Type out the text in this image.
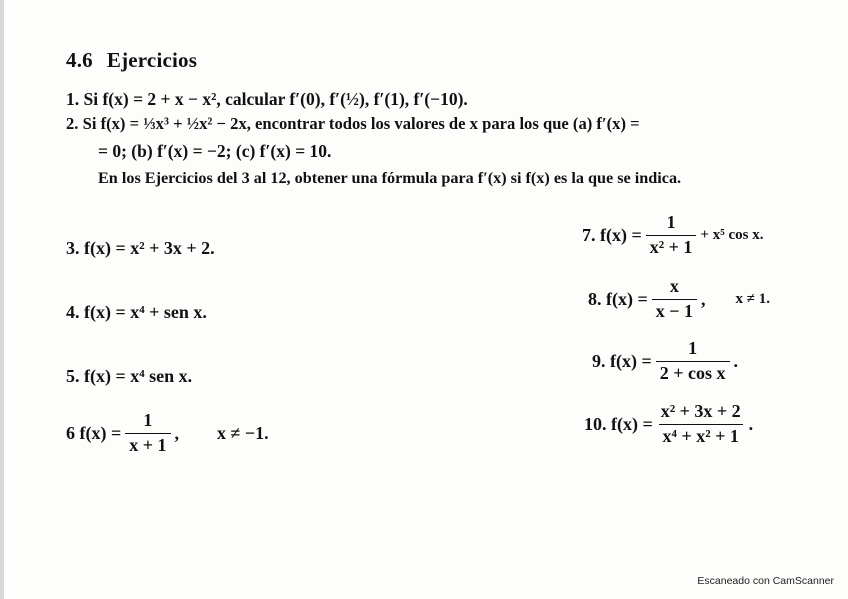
4.6 Ejercicios
1. Si f(x) = 2 + x − x², calcular f′(0), f′(½), f′(1), f′(−10).
2. Si f(x) = ⅓x³ + ½x² − 2x, encontrar todos los valores de x para los que (a) f′(x) =
= 0; (b) f′(x) = −2; (c) f′(x) = 10.
En los Ejercicios del 3 al 12, obtener una fórmula para f′(x) si f(x) es la que se indica.
3. f(x) = x² + 3x + 2.
4. f(x) = x⁴ + sen x.
5. f(x) = x⁴ sen x.
6 $f(x) = \frac{1}{x + 1}$ , x ≠ −1.
7. $f(x) = \frac{1}{\text{x² + 1}} + x^5$ cos x.
8. $f(x) = \frac{x}{x - 1}$ , x ≠ 1.
9. $f(x) = \frac{1}{\text{2 + cos x}}$ .
10. $f(x) = \frac{\text{x² + 3x + 2}}{\text{x⁴ + x² + 1}}$ .
Escaneado con CamScanner
